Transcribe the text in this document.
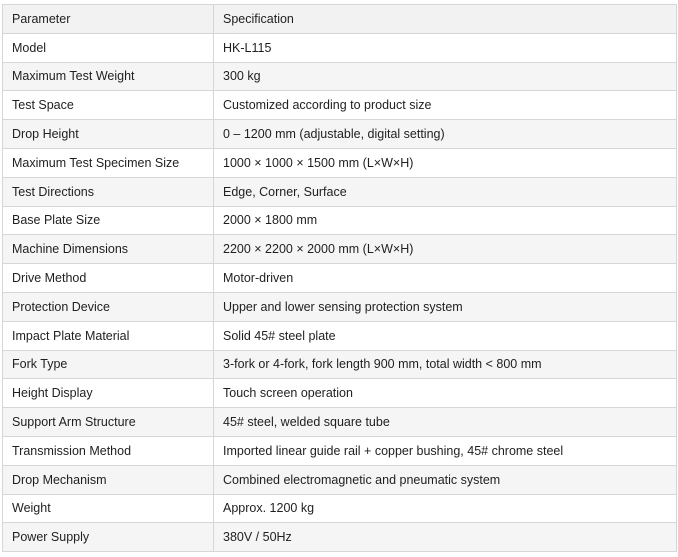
Parameter	Specification
Model	HK-L115
Maximum Test Weight	300 kg
Test Space	Customized according to product size
Drop Height	0 – 1200 mm (adjustable, digital setting)
Maximum Test Specimen Size	1000 × 1000 × 1500 mm (L×W×H)
Test Directions	Edge, Corner, Surface
Base Plate Size	2000 × 1800 mm
Machine Dimensions	2200 × 2200 × 2000 mm (L×W×H)
Drive Method	Motor-driven
Protection Device	Upper and lower sensing protection system
Impact Plate Material	Solid 45# steel plate
Fork Type	3-fork or 4-fork, fork length 900 mm, total width < 800 mm
Height Display	Touch screen operation
Support Arm Structure	45# steel, welded square tube
Transmission Method	Imported linear guide rail + copper bushing, 45# chrome steel
Drop Mechanism	Combined electromagnetic and pneumatic system
Weight	Approx. 1200 kg
Power Supply	380V / 50Hz
